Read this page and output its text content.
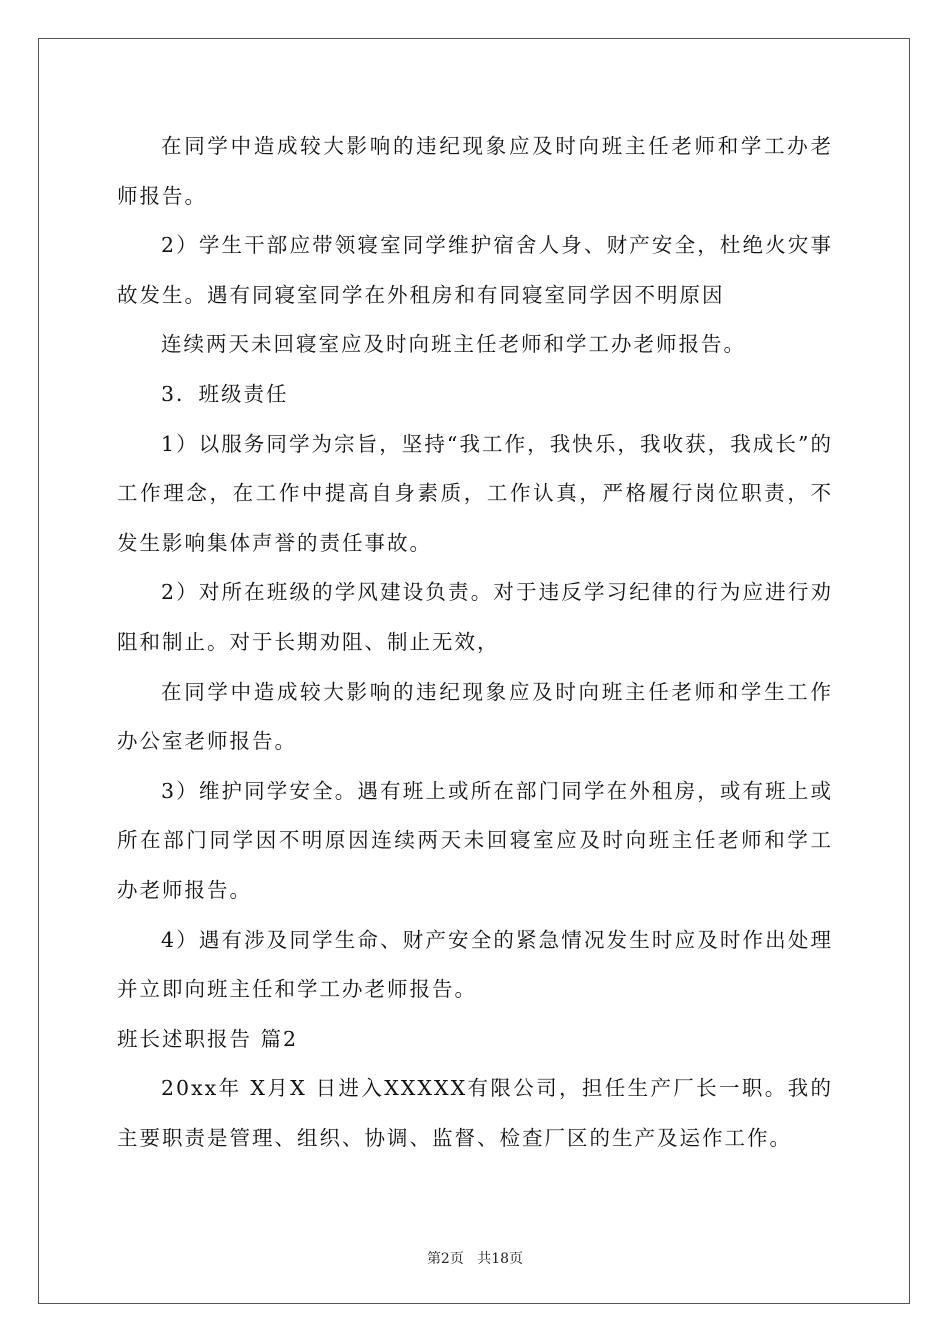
在同学中造成较大影响的违纪现象应及时向班主任老师和学工办老师报告。

2）学生干部应带领寝室同学维护宿舍人身、财产安全，杜绝火灾事故发生。遇有同寝室同学在外租房和有同寝室同学因不明原因

连续两天未回寝室应及时向班主任老师和学工办老师报告。

3．班级责任

1）以服务同学为宗旨，坚持“我工作，我快乐，我收获，我成长”的工作理念，在工作中提高自身素质，工作认真，严格履行岗位职责，不发生影响集体声誉的责任事故。

2）对所在班级的学风建设负责。对于违反学习纪律的行为应进行劝阻和制止。对于长期劝阻、制止无效，

在同学中造成较大影响的违纪现象应及时向班主任老师和学生工作办公室老师报告。

3）维护同学安全。遇有班上或所在部门同学在外租房，或有班上或所在部门同学因不明原因连续两天未回寝室应及时向班主任老师和学工办老师报告。

4）遇有涉及同学生命、财产安全的紧急情况发生时应及时作出处理并立即向班主任和学工办老师报告。

班长述职报告 篇2

20xx年 X月X 日进入XXXXX有限公司，担任生产厂长一职。我的主要职责是管理、组织、协调、监督、检查厂区的生产及运作工作。

第2页 共18页
